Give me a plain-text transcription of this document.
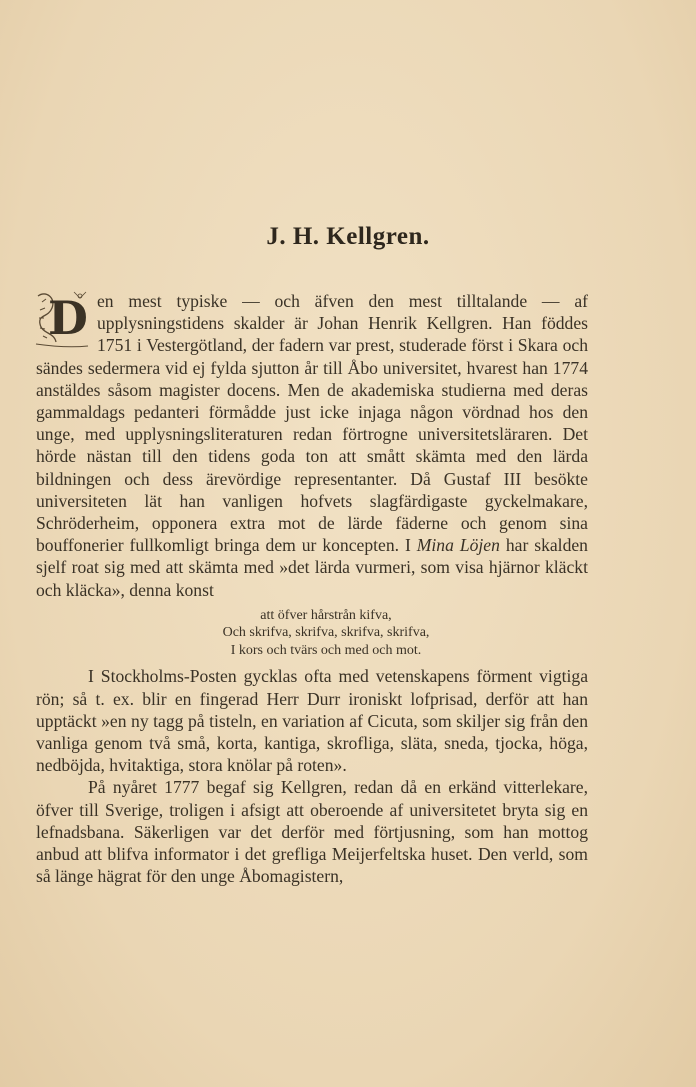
J. H. Kellgren.

D en mest typiske — och äfven den mest tilltalande — af upplysningstidens skalder är Johan Henrik Kellgren. Han föddes 1751 i Vestergötland, der fadern var prest, studerade först i Skara och sändes sedermera vid ej fylda sjutton år till Åbo universitet, hvarest han 1774 anstäldes såsom magister docens. Men de akademiska studierna med deras gammaldags pedanteri förmådde just icke injaga någon vördnad hos den unge, med upplysningsliteraturen redan förtrogne universitetsläraren. Det hörde nästan till den tidens goda ton att smått skämta med den lärda bildningen och dess ärevördige representanter. Då Gustaf III besökte universiteten lät han vanligen hofvets slagfärdigaste gyckelmakare, Schröderheim, opponera extra mot de lärde fäderne och genom sina bouffonerier fullkomligt bringa dem ur koncepten. I Mina Löjen har skalden sjelf roat sig med att skämta med »det lärda vurmeri, som visa hjärnor kläckt och kläcka», denna konst

att öfver hårstrån kifva,
Och skrifva, skrifva, skrifva, skrifva,
I kors och tvärs och med och mot.

I Stockholms-Posten gycklas ofta med vetenskapens förment vigtiga rön; så t. ex. blir en fingerad Herr Durr ironiskt lofprisad, derför att han upptäckt »en ny tagg på tisteln, en variation af Cicuta, som skiljer sig från den vanliga genom två små, korta, kantiga, skrofliga, släta, sneda, tjocka, höga, nedböjda, hvitaktiga, stora knölar på roten».

På nyåret 1777 begaf sig Kellgren, redan då en erkänd vitterlekare, öfver till Sverige, troligen i afsigt att oberoende af universitetet bryta sig en lefnadsbana. Säkerligen var det derför med förtjusning, som han mottog anbud att blifva informator i det grefliga Meijerfeltska huset. Den verld, som så länge hägrat för den unge Åbomagistern,
